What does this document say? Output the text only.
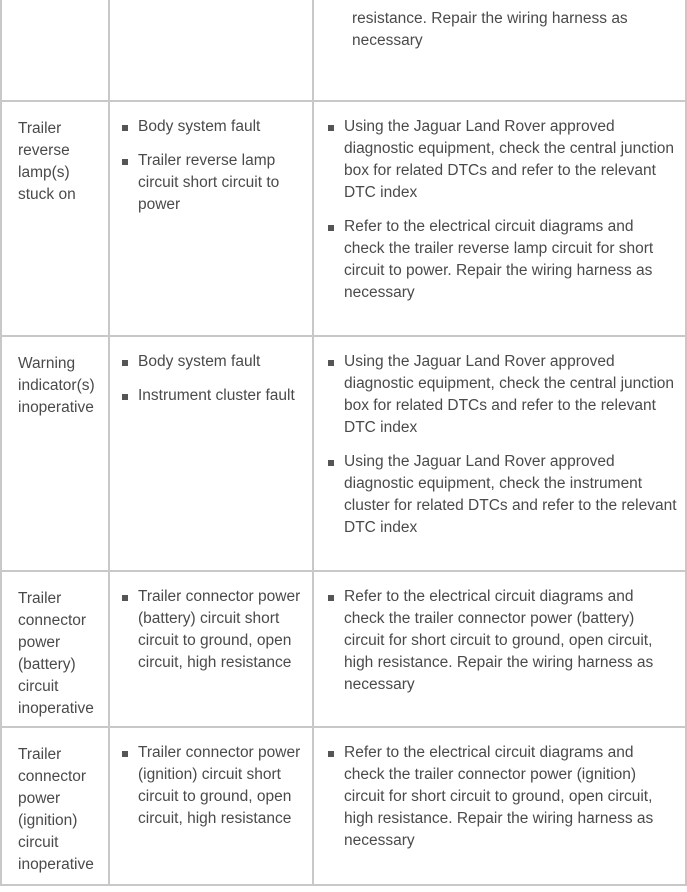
resistance. Repair the wiring harness as necessary
Trailer reverse lamp(s) stuck on
Body system fault
Trailer reverse lamp circuit short circuit to power
Using the Jaguar Land Rover approved diagnostic equipment, check the central junction box for related DTCs and refer to the relevant DTC index
Refer to the electrical circuit diagrams and check the trailer reverse lamp circuit for short circuit to power. Repair the wiring harness as necessary
Warning indicator(s) inoperative
Body system fault
Instrument cluster fault
Using the Jaguar Land Rover approved diagnostic equipment, check the central junction box for related DTCs and refer to the relevant DTC index
Using the Jaguar Land Rover approved diagnostic equipment, check the instrument cluster for related DTCs and refer to the relevant DTC index
Trailer connector power (battery) circuit inoperative
Trailer connector power (battery) circuit short circuit to ground, open circuit, high resistance
Refer to the electrical circuit diagrams and check the trailer connector power (battery) circuit for short circuit to ground, open circuit, high resistance. Repair the wiring harness as necessary
Trailer connector power (ignition) circuit inoperative
Trailer connector power (ignition) circuit short circuit to ground, open circuit, high resistance
Refer to the electrical circuit diagrams and check the trailer connector power (ignition) circuit for short circuit to ground, open circuit, high resistance. Repair the wiring harness as necessary
